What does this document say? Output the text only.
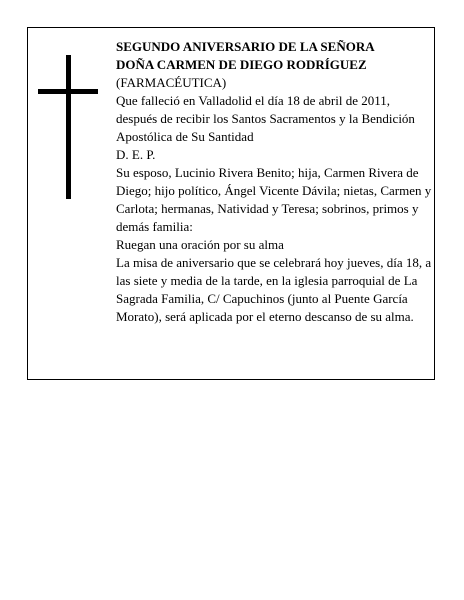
SEGUNDO ANIVERSARIO DE LA SEÑORA

DOÑA CARMEN DE DIEGO RODRÍGUEZ

(FARMACÉUTICA)

Que falleció en Valladolid el día 18 de abril de 2011, después de recibir los Santos Sacramentos y la Bendición Apostólica de Su Santidad

D. E. P.

Su esposo, Lucinio Rivera Benito; hija, Carmen Rivera de Diego; hijo político, Ángel Vicente Dávila; nietas, Carmen y Carlota; hermanas, Natividad y Teresa; sobrinos, primos y demás familia:

Ruegan una oración por su alma

La misa de aniversario que se celebrará hoy jueves, día 18, a las siete y media de la tarde, en la iglesia parroquial de La Sagrada Familia, C/ Capuchinos (junto al Puente García Morato), será aplicada por el eterno descanso de su alma.
